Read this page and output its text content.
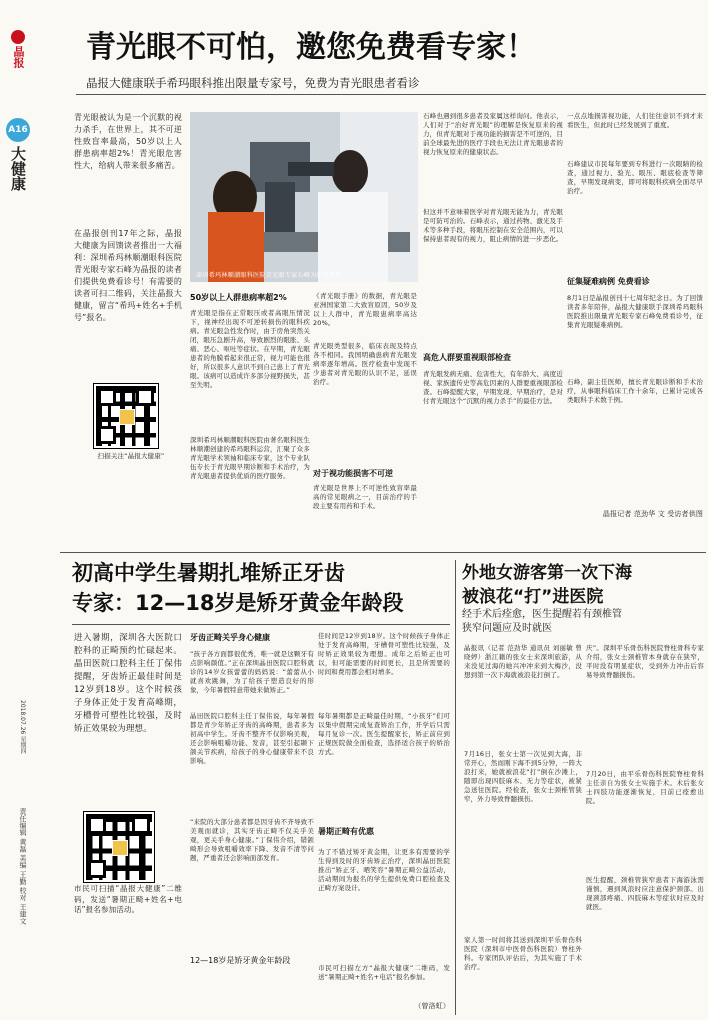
晶报
A16
大健康
2018.07.26 星期四
责任编辑 黄磊 美编 王勤 校对 王建文
青光眼不可怕，邀您免费看专家！
晶报大健康联手希玛眼科推出限量专家号，免费为青光眼患者看诊
青光眼被认为是一个沉默的视力杀手，在世界上，其不可逆性致盲率最高，50岁以上人群患病率超2%！青光眼危害性大，给病人带来很多痛苦。
在晶报创刊17年之际，晶报大健康为回馈读者推出一大福利：深圳希玛林顺潮眼科医院青光眼专家石峰为晶报的读者们提供免费看诊号！有需要的读者可扫二维码，关注晶报大健康，留言“希玛+姓名+手机号”报名。
扫描关注“晶报大健康”
深圳希玛林顺潮眼科医院青光眼专家石峰为患者看诊。
50岁以上人群患病率超2%
青光眼是指在正常眼压或者高眼压情况下，视神经出现不可逆转损伤的眼科疾病。青光眼急性发作时，由于房角突然关闭，眼压急剧升高，导致剧烈的眼胀、头痛、恶心、呕吐等症状。在早期，青光眼患者的角膜看起来很正常，视力可能也很好，所以很多人意识不到自己患上了青光眼。该病可以造成许多部分视野损失，甚至失明。
深圳希玛林顺潮眼科医院由著名眼科医生林顺潮创建的希玛眼科运营，汇聚了众多青光眼学术领袖和临床专家，这个专业队伍专长于青光眼早期诊断和手术治疗，为青光眼患者提供优质的医疗服务。
《青光眼手册》的数据，青光眼是亚洲国家第二大致盲原因，50岁及以上人群中，青光眼患病率高达20%。
青光眼类型很多，临床表现及特点各不相同。我国明确患病青光眼发病率逐年增高。医疗检查中发现不少患者对青光眼的认识不足，延误治疗。
对于视功能损害不可逆
青光眼是世界上不可逆性致盲率最高的常见眼病之一，目前治疗的手段主要有用药和手术。
石峰也遇到很多患者及家属这样询问。他表示，人们对于“治好青光眼”的理解是恢复原来的视力，但青光眼对于视功能的损害是不可逆的，目前全球最先进的医疗手段也无法让青光眼患者的视力恢复原来的健康状态。
但这并不意味着医学对青光眼无能为力，青光眼是可防可治的。石峰表示，通过药物、激光及手术等多种手段，将眼压控制在安全范围内，可以保持患者现有的视力，阻止病情的进一步恶化。
高危人群要重视眼部检查
青光眼发病无痛、危害性大，有年龄大、高度近视、家族遗传史等高危因素的人群要重视眼部检查。石峰提醒大家，早期发现、早期治疗，是对付青光眼这个“沉默的视力杀手”的最佳方法。
一点点地损害视功能，人们往往意识不到才来看医生，但此时已经发展到了重度。
石峰建议市民每年要到专科进行一次眼睛的检查，通过视力、验光、眼压、眼底检查等筛查，早期发现病变，即可将眼科疾病全面尽早治疗。
征集疑难病例 免费看诊
8月1日是晶报创刊十七周年纪念日。为了回馈读者多年陪伴，晶报大健康联手深圳希玛眼科医院推出限量青光眼专家石峰免费看诊号，征集青光眼疑难病例。
石峰，副主任医师，擅长青光眼诊断和手术治疗，从事眼科临床工作十余年，已累计完成各类眼科手术数千例。
晶报记者 范劲华 文 受访者供图
初高中学生暑期扎堆矫正牙齿
专家：12—18岁是矫牙黄金年龄段
进入暑期，深圳各大医院口腔科的正畸预约忙碌起来。晶田医院口腔科主任丁保伟提醒，牙齿矫正最佳时间是12岁到18岁。这个时候孩子身体正处于发育高峰期，牙槽骨可塑性比较强，及时矫正效果较为理想。
市民可扫描“晶报大健康”二维码，发送“暑期正畸+姓名+电话”报名参加活动。
牙齿正畸关乎身心健康
“孩子各方面都很优秀，唯一就是这颗牙有点影响颜值。”正在深圳晶田医院口腔科就诊的14岁女孩蕾蕾的妈妈说：“蕾蕾从小就喜欢跳舞，为了给孩子塑造良好的形象，今年暑假特意带她来做矫正。”
晶田医院口腔科主任丁保伟说，每年暑假都是青少年矫正牙齿的高峰期，患者多为初高中学生。牙齿不整齐不仅影响美观，还会影响咀嚼功能、发音，甚至引起颞下颌关节疾病，给孩子的身心健康带来不良影响。
“来院的大部分患者都是因牙齿不齐导致不美观而就诊，其实牙齿正畸不仅关乎美观，更关乎身心健康。”丁保伟介绍，错颌畸形会导致咀嚼效率下降、发音不清等问题，严重者还会影响面部发育。
12—18岁是矫牙黄金年龄段
佳时间是12岁到18岁。这个时候孩子身体正处于发育高峰期，牙槽骨可塑性比较强，及时矫正效果较为理想。成年之后矫正也可以，但可能需要的时间更长，且是所需要的时间和费用都会相对增多。
每年暑期都是正畸最佳时期，“小孩牙”们可以集中假期完成复查矫治工作，开学后只需每月复诊一次。医生提醒家长，矫正前应到正规医院做全面检查，选择适合孩子的矫治方式。
暑期正畸有优惠
为了不错过矫牙黄金期，让更多有需要的学生得到及时的牙齿矫正治疗，深圳晶田医院推出“矫正牙、晒笑容”暑期正畸公益活动，活动期间为报名的学生提供免费口腔检查及正畸方案设计。
市民可扫描左方“晶报大健康”二维码，发送“暑期正畸+姓名+电话”报名参加。
（曾洛虹）
外地女游客第一次下海
被浪花“打”进医院
经手术后痊愈，医生提醒若有颈椎管
狭窄问题应及时就医
晶报讯（记者 范劲华 通讯员 刘丽敏 曾晓婷）浙江籍的张女士来深圳旅游，从来没见过海的她兴冲冲来到大梅沙，没想到第一次下海就被浪花打倒了。
7月16日，张女士第一次见到大海，非常开心，然而刚下海不到5分钟，一阵大浪打来，她就被浪花“打”倒在沙滩上，随即出现四肢麻木、无力等症状，被紧急送往医院。经检查，张女士颈椎管狭窄，外力导致脊髓损伤。
家人第一时间将其送到深圳平乐骨伤科医院（深圳市中医骨伤科医院）脊柱外科。专家团队评估后，为其实施了手术治疗。
庆”。深圳平乐骨伤科医院脊柱骨科专家介绍，张女士颈椎管本身就存在狭窄，平时没有明显症状，受到外力冲击后容易导致脊髓损伤。
7月20日，由平乐骨伤科医院脊柱骨科主任亲自为张女士实施手术。术后张女士四肢功能逐渐恢复，目前已痊愈出院。
医生提醒，颈椎管狭窄患者下海游泳需谨慎，遇到风浪时应注意保护颈部。出现颈部疼痛、四肢麻木等症状时应及时就医。
